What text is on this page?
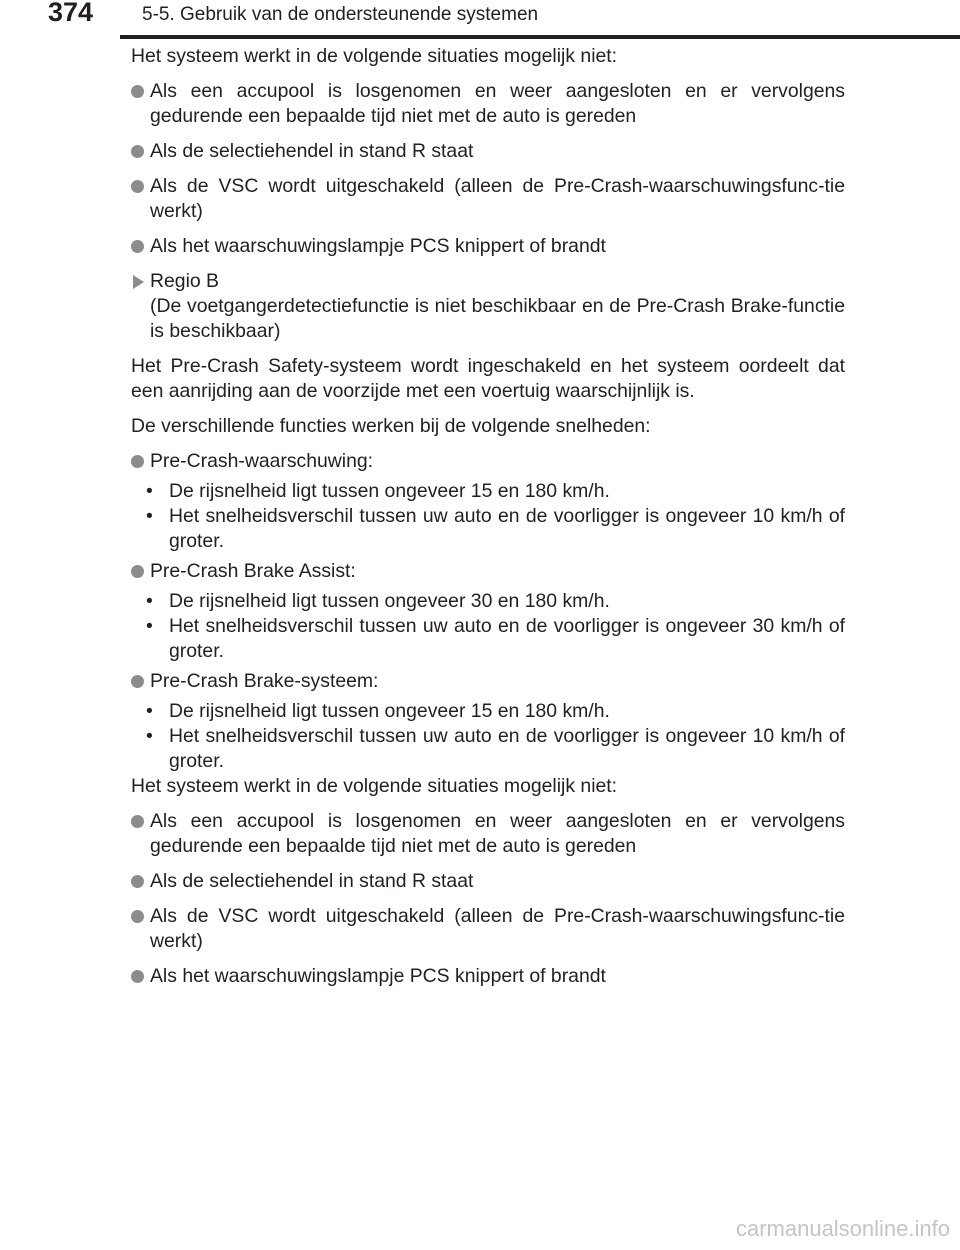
374	5-5. Gebruik van de ondersteunende systemen

Het systeem werkt in de volgende situaties mogelijk niet:

Als een accupool is losgenomen en weer aangesloten en er vervolgens gedurende een bepaalde tijd niet met de auto is gereden
Als de selectiehendel in stand R staat
Als de VSC wordt uitgeschakeld (alleen de Pre-Crash-waarschuwingsfunc-tie werkt)
Als het waarschuwingslampje PCS knippert of brandt
Regio B
(De voetgangerdetectiefunctie is niet beschikbaar en de Pre-Crash Brake-functie is beschikbaar)

Het Pre-Crash Safety-systeem wordt ingeschakeld en het systeem oordeelt dat een aanrijding aan de voorzijde met een voertuig waarschijnlijk is.

De verschillende functies werken bij de volgende snelheden:

Pre-Crash-waarschuwing:

• De rijsnelheid ligt tussen ongeveer 15 en 180 km/h.

• Het snelheidsverschil tussen uw auto en de voorligger is ongeveer 10 km/h of groter.

Pre-Crash Brake Assist:

• De rijsnelheid ligt tussen ongeveer 30 en 180 km/h.

• Het snelheidsverschil tussen uw auto en de voorligger is ongeveer 30 km/h of groter.

Pre-Crash Brake-systeem:

• De rijsnelheid ligt tussen ongeveer 15 en 180 km/h.

• Het snelheidsverschil tussen uw auto en de voorligger is ongeveer 10 km/h of groter.

Het systeem werkt in de volgende situaties mogelijk niet:

Als een accupool is losgenomen en weer aangesloten en er vervolgens gedurende een bepaalde tijd niet met de auto is gereden
Als de selectiehendel in stand R staat
Als de VSC wordt uitgeschakeld (alleen de Pre-Crash-waarschuwingsfunc-tie werkt)
Als het waarschuwingslampje PCS knippert of brandt
carmanualsonline.info
